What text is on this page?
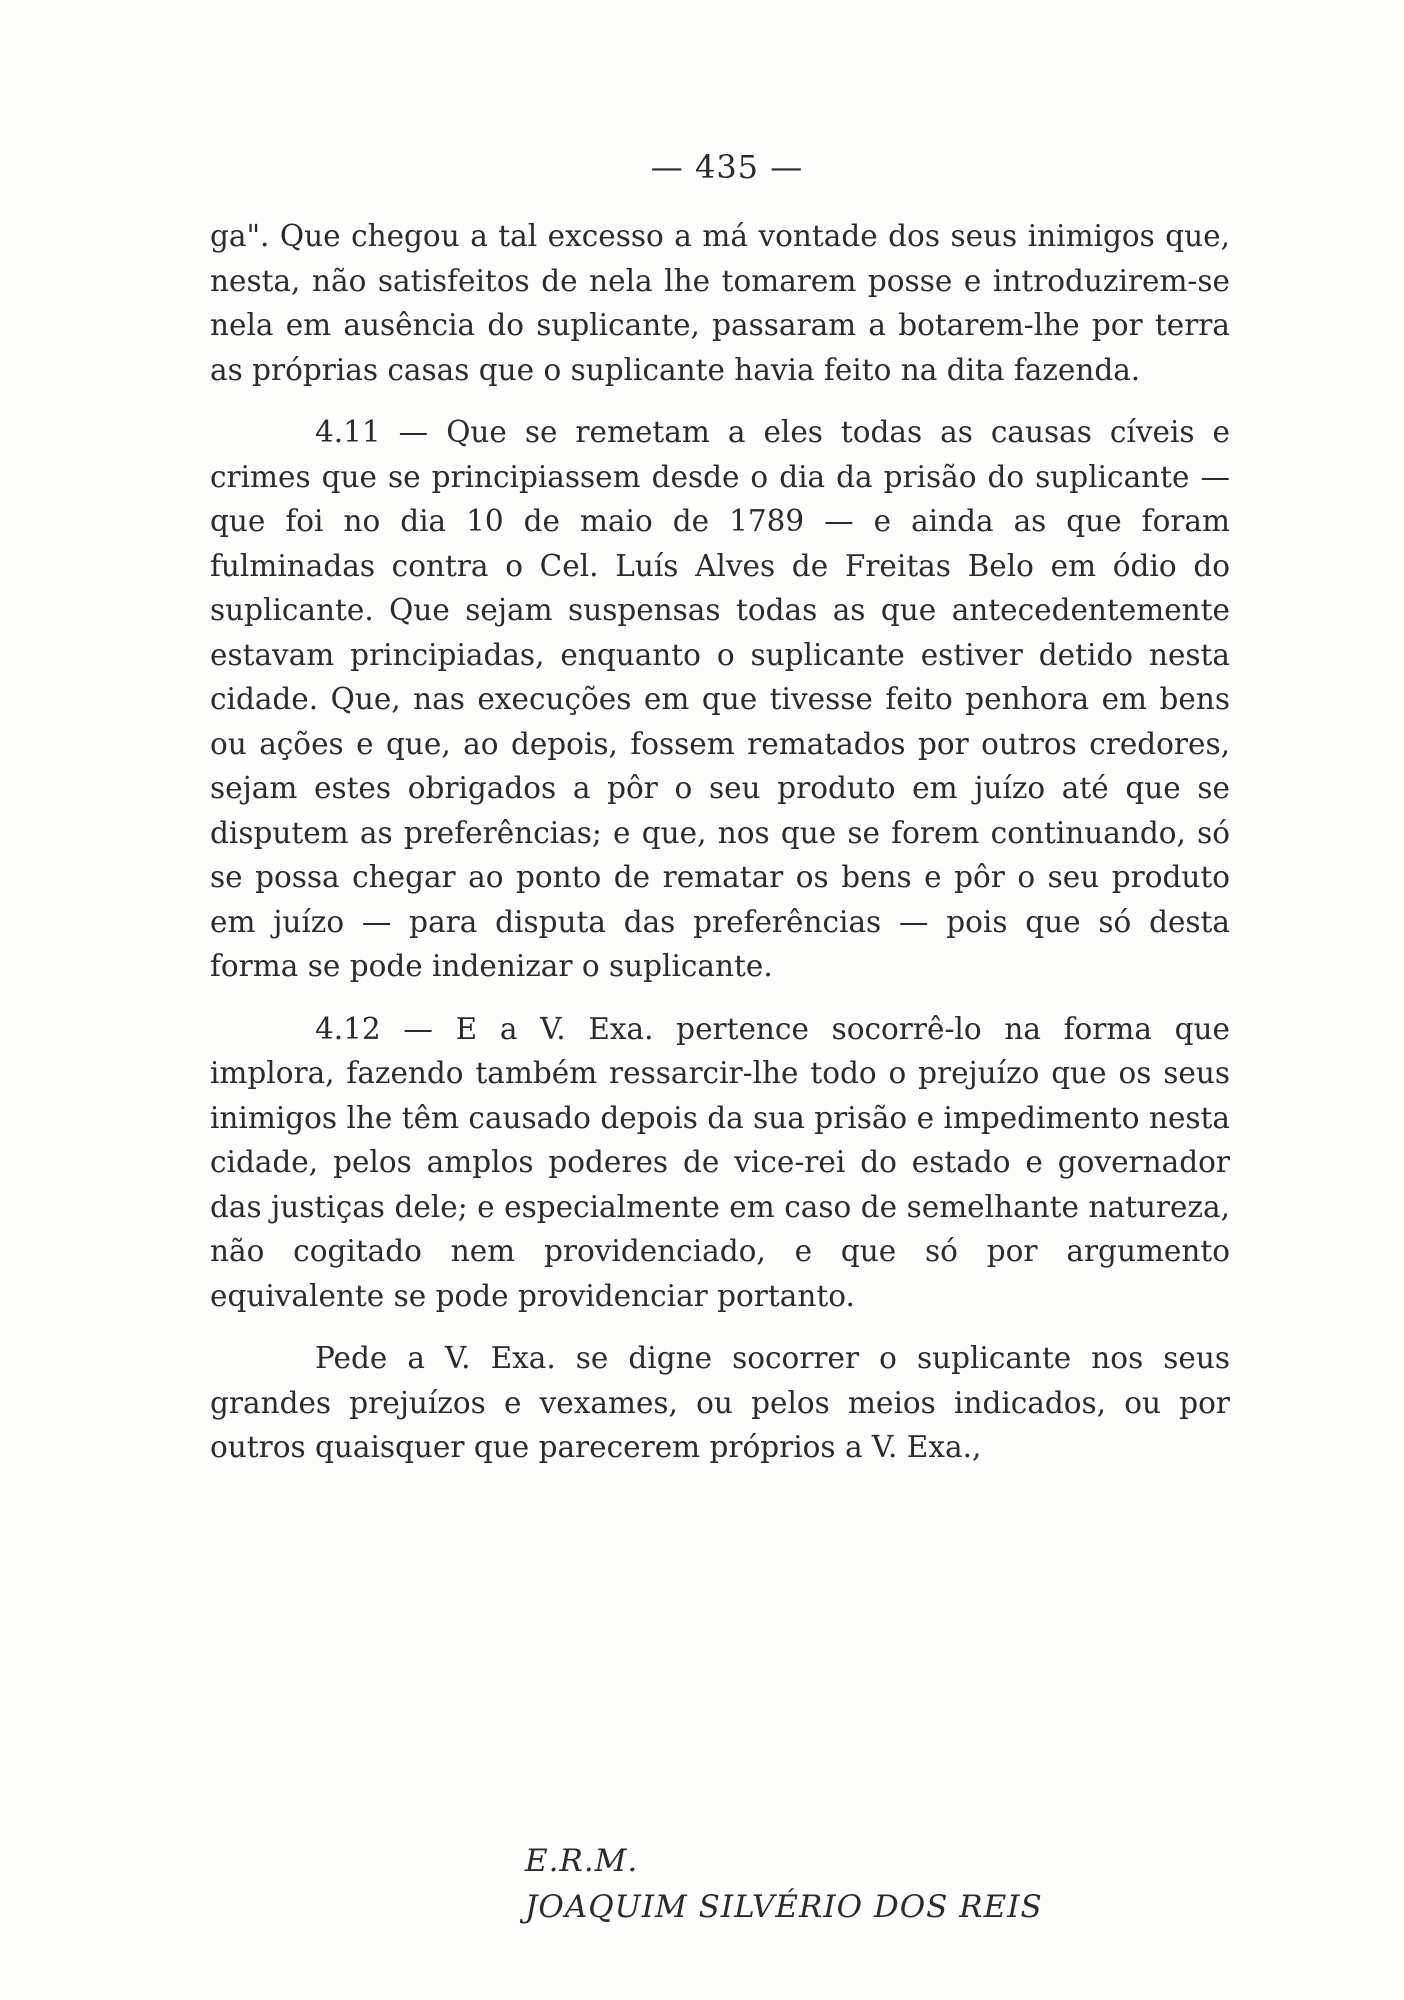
— 435 —

ga". Que chegou a tal excesso a má vontade dos seus inimigos que, nesta, não satisfeitos de nela lhe tomarem posse e introduzirem-se nela em ausência do suplicante, passaram a botarem-lhe por terra as próprias casas que o suplicante havia feito na dita fazenda.

4.11 — Que se remetam a eles todas as causas cíveis e crimes que se principiassem desde o dia da prisão do suplicante — que foi no dia 10 de maio de 1789 — e ainda as que foram fulminadas contra o Cel. Luís Alves de Freitas Belo em ódio do suplicante. Que sejam suspensas todas as que antecedentemente estavam principiadas, enquanto o suplicante estiver detido nesta cidade. Que, nas execuções em que tivesse feito penhora em bens ou ações e que, ao depois, fossem rematados por outros credores, sejam estes obrigados a pôr o seu produto em juízo até que se disputem as preferências; e que, nos que se forem continuando, só se possa chegar ao ponto de rematar os bens e pôr o seu produto em juízo — para disputa das preferências — pois que só desta forma se pode indenizar o suplicante.

4.12 — E a V. Exa. pertence socorrê-lo na forma que implora, fazendo também ressarcir-lhe todo o prejuízo que os seus inimigos lhe têm causado depois da sua prisão e impedimento nesta cidade, pelos amplos poderes de vice-rei do estado e governador das justiças dele; e especialmente em caso de semelhante natureza, não cogitado nem providenciado, e que só por argumento equivalente se pode providenciar portanto.

Pede a V. Exa. se digne socorrer o suplicante nos seus grandes prejuízos e vexames, ou pelos meios indicados, ou por outros quaisquer que parecerem próprios a V. Exa.,

E.R.M.
JOAQUIM SILVÉRIO DOS REIS
